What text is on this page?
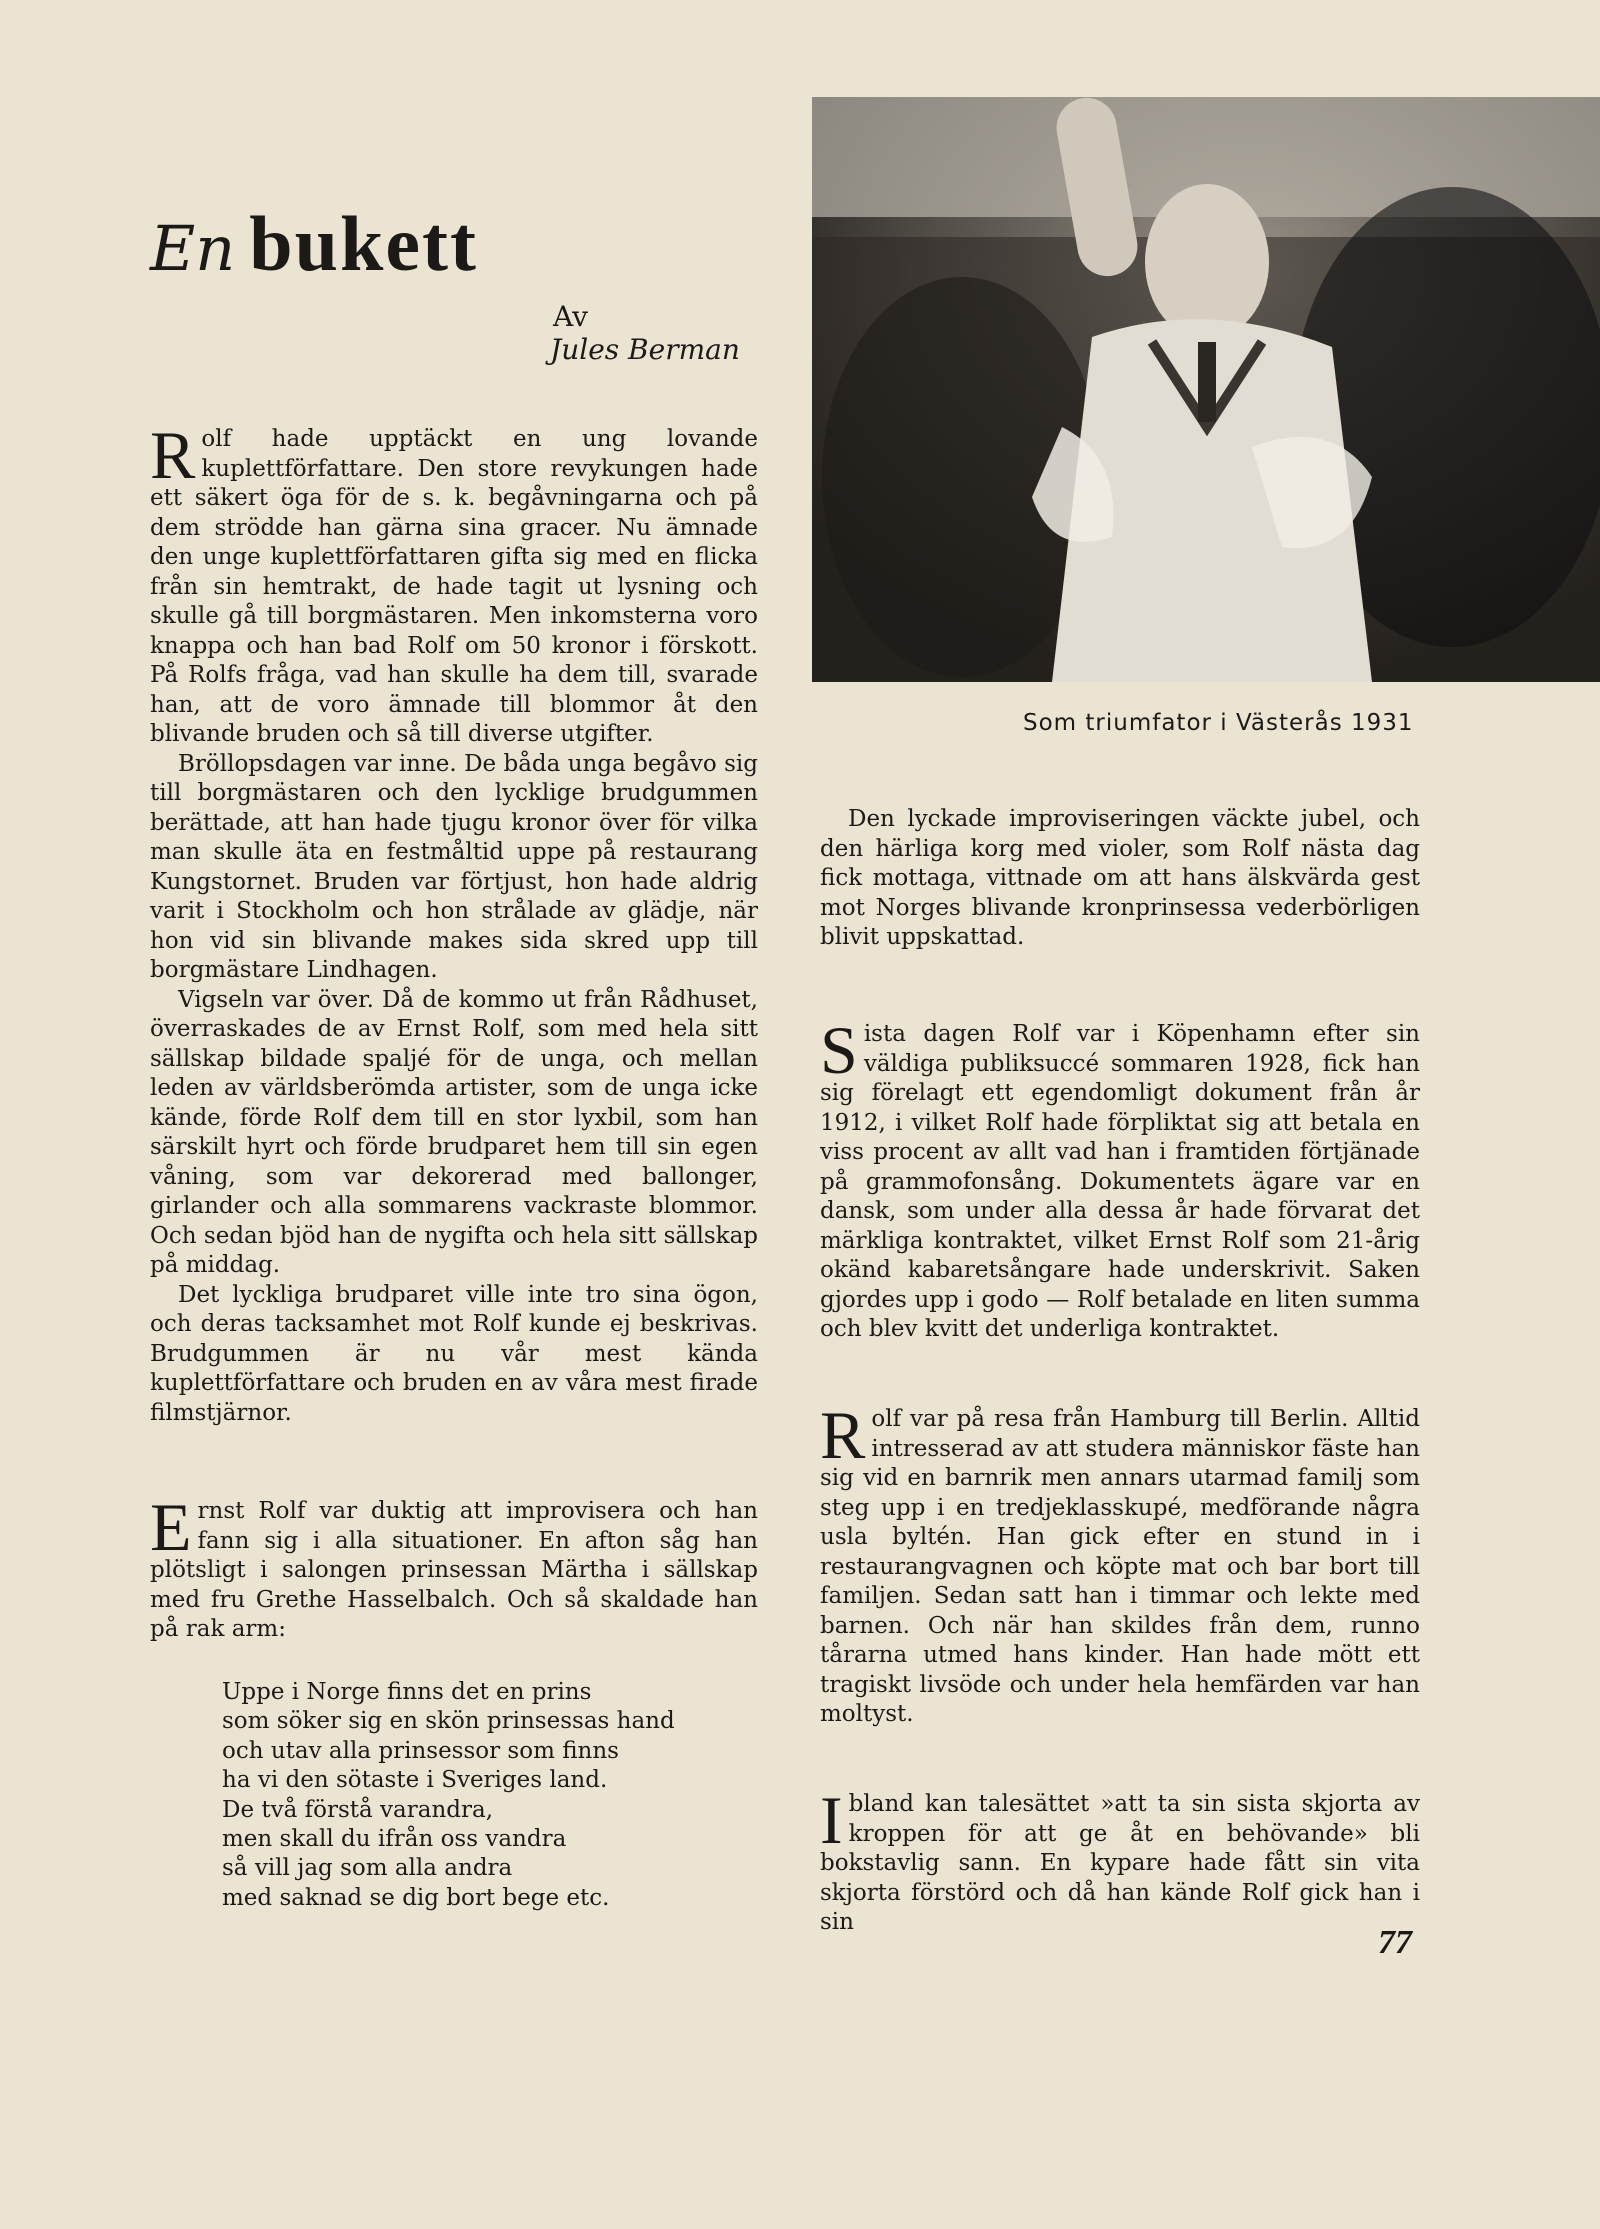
En bukett
Av
Jules Berman

Rolf hade upptäckt en ung lovande kuplettförfattare. Den store revykungen hade ett säkert öga för de s. k. begåvningarna och på dem strödde han gärna sina gracer. Nu ämnade den unge kuplettförfattaren gifta sig med en flicka från sin hemtrakt, de hade tagit ut lysning och skulle gå till borgmästaren. Men inkomsterna voro knappa och han bad Rolf om 50 kronor i förskott. På Rolfs fråga, vad han skulle ha dem till, svarade han, att de voro ämnade till blommor åt den blivande bruden och så till diverse utgifter.

Bröllopsdagen var inne. De båda unga begåvo sig till borgmästaren och den lycklige brudgummen berättade, att han hade tjugu kronor över för vilka man skulle äta en festmåltid uppe på restaurang Kungstornet. Bruden var förtjust, hon hade aldrig varit i Stockholm och hon strålade av glädje, när hon vid sin blivande makes sida skred upp till borgmästare Lindhagen.

Vigseln var över. Då de kommo ut från Rådhuset, överraskades de av Ernst Rolf, som med hela sitt sällskap bildade spaljé för de unga, och mellan leden av världsberömda artister, som de unga icke kände, förde Rolf dem till en stor lyxbil, som han särskilt hyrt och förde brudparet hem till sin egen våning, som var dekorerad med ballonger, girlander och alla sommarens vackraste blommor. Och sedan bjöd han de nygifta och hela sitt sällskap på middag.

Det lyckliga brudparet ville inte tro sina ögon, och deras tacksamhet mot Rolf kunde ej beskrivas. Brudgummen är nu vår mest kända kuplettförfattare och bruden en av våra mest firade filmstjärnor.

Ernst Rolf var duktig att improvisera och han fann sig i alla situationer. En afton såg han plötsligt i salongen prinsessan Märtha i sällskap med fru Grethe Hasselbalch. Och så skaldade han på rak arm:

Uppe i Norge finns det en prins
som söker sig en skön prinsessas hand
och utav alla prinsessor som finns
ha vi den sötaste i Sveriges land.
De två förstå varandra,
men skall du ifrån oss vandra
så vill jag som alla andra
med saknad se dig bort bege etc.
Som triumfator i Västerås 1931

Den lyckade improviseringen väckte jubel, och den härliga korg med violer, som Rolf nästa dag fick mottaga, vittnade om att hans älskvärda gest mot Norges blivande kronprinsessa vederbörligen blivit uppskattad.

Sista dagen Rolf var i Köpenhamn efter sin väldiga publiksuccé sommaren 1928, fick han sig förelagt ett egendomligt dokument från år 1912, i vilket Rolf hade förpliktat sig att betala en viss procent av allt vad han i framtiden förtjänade på grammofonsång. Dokumentets ägare var en dansk, som under alla dessa år hade förvarat det märkliga kontraktet, vilket Ernst Rolf som 21-årig okänd kabaretsångare hade underskrivit. Saken gjordes upp i godo — Rolf betalade en liten summa och blev kvitt det underliga kontraktet.

Rolf var på resa från Hamburg till Berlin. Alltid intresserad av att studera människor fäste han sig vid en barnrik men annars utarmad familj som steg upp i en tredjeklasskupé, medförande några usla byltén. Han gick efter en stund in i restaurangvagnen och köpte mat och bar bort till familjen. Sedan satt han i timmar och lekte med barnen. Och när han skildes från dem, runno tårarna utmed hans kinder. Han hade mött ett tragiskt livsöde och under hela hemfärden var han moltyst.

Ibland kan talesättet »att ta sin sista skjorta av kroppen för att ge åt en behövande» bli bokstavlig sann. En kypare hade fått sin vita skjorta förstörd och då han kände Rolf gick han i sin

77
